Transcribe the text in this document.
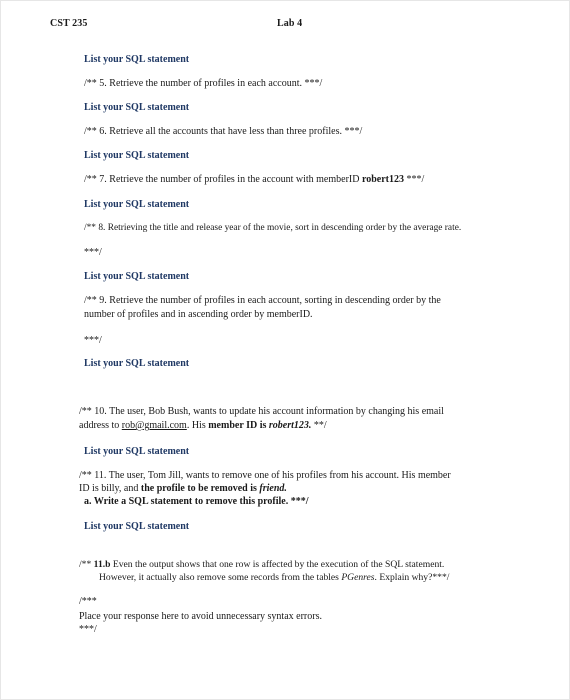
CST 235	Lab 4
List your SQL statement
/** 5. Retrieve the number of profiles in each account. ***/
List your SQL statement
/** 6. Retrieve all the accounts that have less than three profiles. ***/
List your SQL statement
/** 7. Retrieve the number of profiles in the account with memberID robert123 ***/
List your SQL statement
/** 8. Retrieving the title and release year of the movie, sort in descending order by the average rate.
***/
List your SQL statement
/** 9. Retrieve the number of profiles in each account, sorting in descending order by the
number of profiles and in ascending order by memberID.
***/
List your SQL statement
/** 10. The user, Bob Bush, wants to update his account information by changing his email
address to rob@gmail.com. His member ID is robert123. **/
List your SQL statement
/** 11. The user, Tom Jill, wants to remove one of his profiles from his account. His member
ID is billy, and the profile to be removed is friend.
a. Write a SQL statement to remove this profile. ***/
List your SQL statement
/** 11.b Even the output shows that one row is affected by the execution of the SQL statement.
However, it actually also remove some records from the tables PGenres. Explain why?***/
/***
Place your response here to avoid unnecessary syntax errors.
***/
